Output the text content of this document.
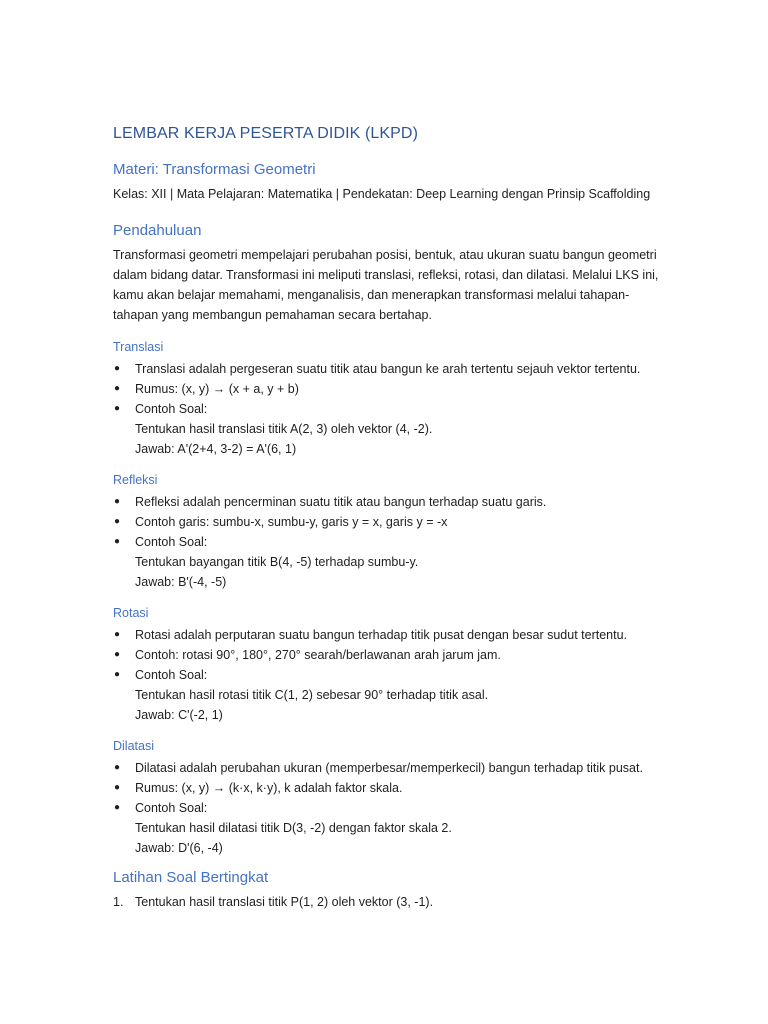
LEMBAR KERJA PESERTA DIDIK (LKPD)
Materi: Transformasi Geometri

Kelas: XII | Mata Pelajaran: Matematika | Pendekatan: Deep Learning dengan Prinsip Scaffolding

Pendahuluan

Transformasi geometri mempelajari perubahan posisi, bentuk, atau ukuran suatu bangun geometri dalam bidang datar. Transformasi ini meliputi translasi, refleksi, rotasi, dan dilatasi. Melalui LKS ini, kamu akan belajar memahami, menganalisis, dan menerapkan transformasi melalui tahapan-tahapan yang membangun pemahaman secara bertahap.

Translasi
● Translasi adalah pergeseran suatu titik atau bangun ke arah tertentu sejauh vektor tertentu.
● Rumus: (x, y) → (x + a, y + b)
● Contoh Soal:
Tentukan hasil translasi titik A(2, 3) oleh vektor (4, -2).
Jawab: A'(2+4, 3-2) = A'(6, 1)
Refleksi
● Refleksi adalah pencerminan suatu titik atau bangun terhadap suatu garis.
● Contoh garis: sumbu-x, sumbu-y, garis y = x, garis y = -x
● Contoh Soal:
Tentukan bayangan titik B(4, -5) terhadap sumbu-y.
Jawab: B'(-4, -5)
Rotasi
● Rotasi adalah perputaran suatu bangun terhadap titik pusat dengan besar sudut tertentu.
● Contoh: rotasi 90°, 180°, 270° searah/berlawanan arah jarum jam.
● Contoh Soal:
Tentukan hasil rotasi titik C(1, 2) sebesar 90° terhadap titik asal.
Jawab: C'(-2, 1)
Dilatasi
● Dilatasi adalah perubahan ukuran (memperbesar/memperkecil) bangun terhadap titik pusat.
● Rumus: (x, y) → (k·x, k·y), k adalah faktor skala.
● Contoh Soal:
Tentukan hasil dilatasi titik D(3, -2) dengan faktor skala 2.
Jawab: D'(6, -4)
Latihan Soal Bertingkat
1. Tentukan hasil translasi titik P(1, 2) oleh vektor (3, -1).
